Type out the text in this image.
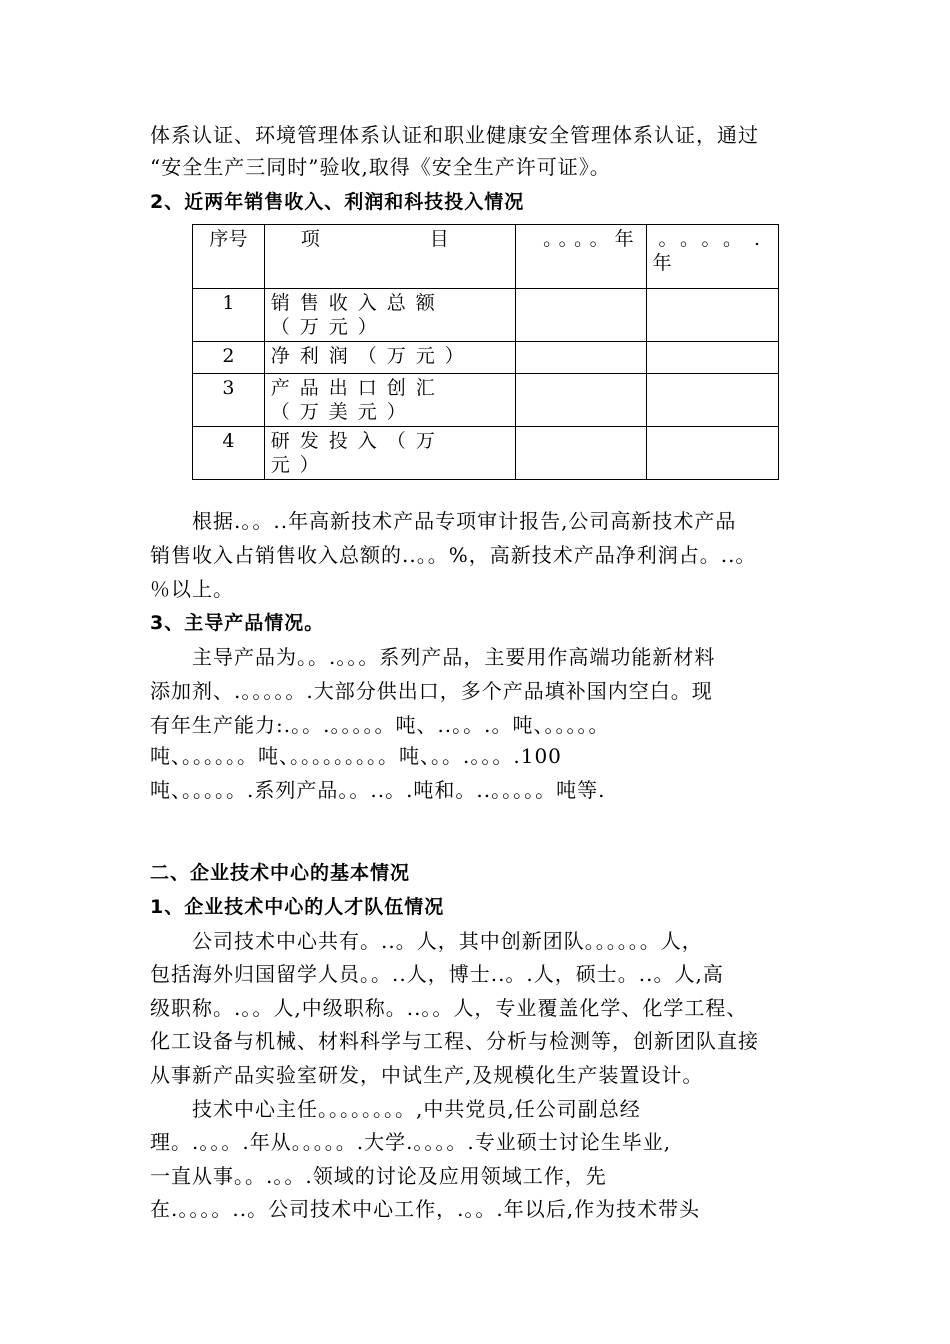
体系认证、环境管理体系认证和职业健康安全管理体系认证，通过
“安全生产三同时”验收,取得《安全生产许可证》。
2、近两年销售收入、利润和科技投入情况
序号	项 目	。。。。年	。。。。.
年

1	销售收入总额
（万元）		

2	净利润（万元）		

3	产品出口创汇
（万美元）		

4	研发投入（万
元）		

根据.。。..年高新技术产品专项审计报告,公司高新技术产品
销售收入占销售收入总额的..。。%，高新技术产品净利润占。..。
％以上。
3、主导产品情况。
主导产品为。。.。。。系列产品，主要用作高端功能新材料
添加剂、.。。。。。.大部分供出口，多个产品填补国内空白。现
有年生产能力:.。。.。。。。。吨、..。。.。吨、。。。。。
吨、。。。。。。吨、。。。。。。。。。吨、。。.。。。.100
吨、。。。。。.系列产品。。..。.吨和。..。。。。。吨等.
二、企业技术中心的基本情况
1、企业技术中心的人才队伍情况
公司技术中心共有。..。人，其中创新团队。。。。。。人，
包括海外归国留学人员。。..人，博士..。.人，硕士。..。人,高
级职称。.。。人,中级职称。..。。人，专业覆盖化学、化学工程、
化工设备与机械、材料科学与工程、分析与检测等，创新团队直接
从事新产品实验室研发，中试生产,及规模化生产装置设计。
技术中心主任。。。。。。。。,中共党员,任公司副总经
理。.。。。.年从。。。。。.大学.。。。。.专业硕士讨论生毕业,
一直从事。。.。。.领域的讨论及应用领域工作，先
在.。。。。..。公司技术中心工作，.。。.年以后,作为技术带头
